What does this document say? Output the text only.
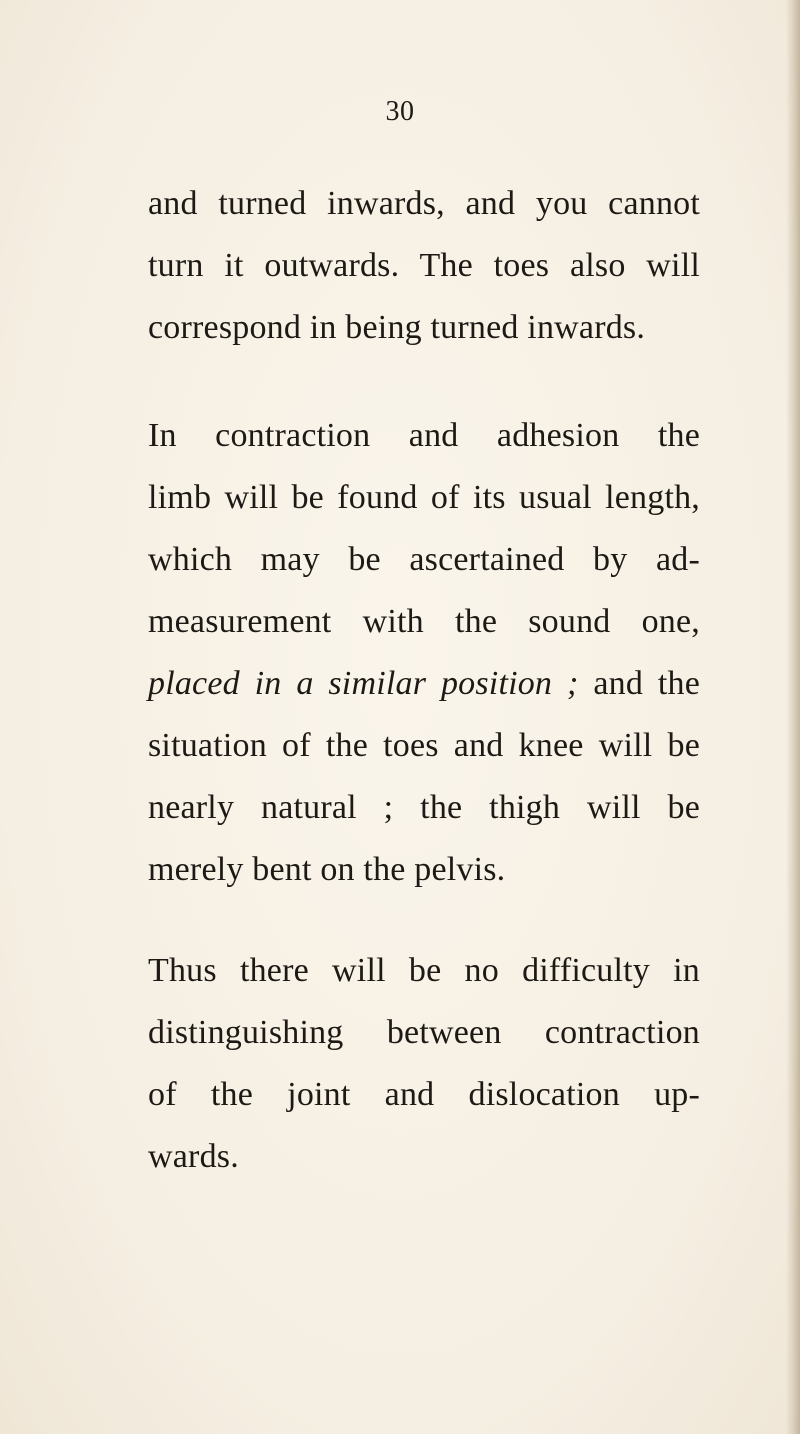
30
and turned inwards, and you cannot
turn it outwards. The toes also will
correspond in being turned inwards.
In contraction and adhesion the
limb will be found of its usual length,
which may be ascertained by ad-
measurement with the sound one,
placed in a similar position ; and the
situation of the toes and knee will be
nearly natural ; the thigh will be
merely bent on the pelvis.
Thus there will be no difficulty in
distinguishing between contraction
of the joint and dislocation up-
wards.
